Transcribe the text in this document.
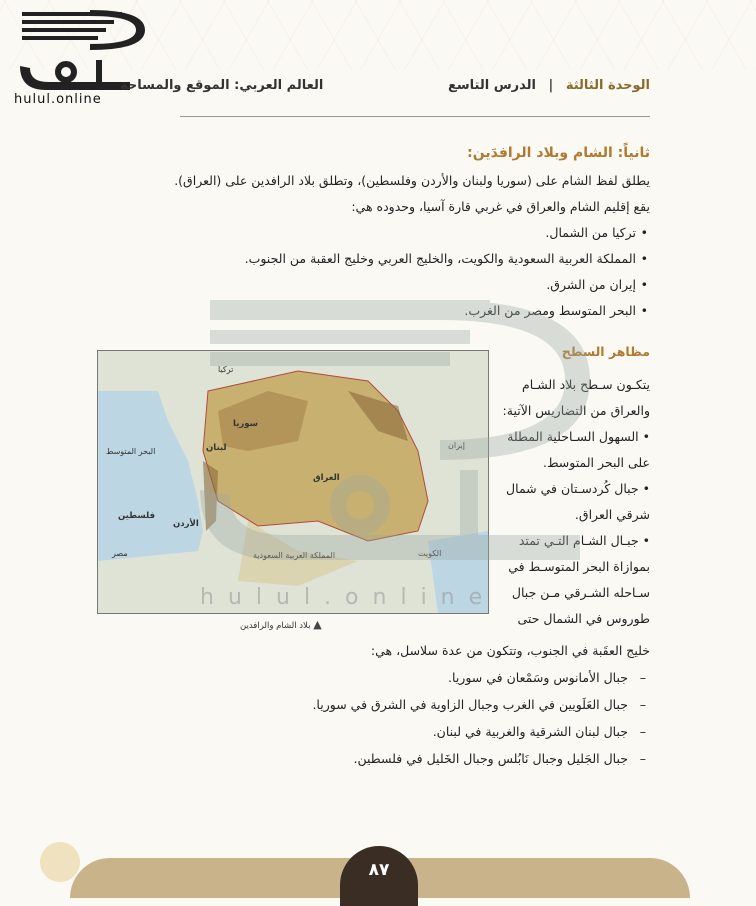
hulul.online
الوحدة الثالثة | الدرس التاسع
العالم العربي: الموقع والمساحة
ثانياً: الشام وبلاد الرافدَين:

يطلق لفظ الشام على (سوريا ولبنان والأردن وفلسطين)، وتطلق بلاد الرافدين على (العراق).

يقع إقليم الشام والعراق في غربي قارة آسيا، وحدوده هي:

• تركيا من الشمال.
• المملكة العربية السعودية والكويت، والخليج العربي وخليج العقبة من الجنوب.
• إيران من الشرق.
• البحر المتوسط ومصر من الغرب.
مظاهر السطح
تركيا
سوريا
لبنان
البحر المتوسط
فلسطين
الأردن
مصر
العراق
إيران
المملكة العربية السعودية	الكويت

يتكـون سـطح بلاد الشـام

والعراق من التضاريس الآتية:

• السهول السـاحلية المطلة

على البحر المتوسط.

• جبال كُردسـتان في شمال

شرقي العراق.

• جبـال الشـام التـي تمتد

بموازاة البحر المتوسـط في

سـاحله الشـرقي مـن جبال

طوروس في الشمال حتى

▲ بلاد الشام والرافدين

خليج العقَبة في الجنوب، وتتكون من عدة سلاسل، هي:

– جبال الأمانوس وسَمْعان في سوريا.
– جبال العَلَويين في الغرب وجبال الزاوية في الشرق في سوريا.
– جبال لبنان الشرقية والغربية في لبنان.
– جبال الجَليل وجبال نَابُلس وجبال الخَليل في فلسطين.
hulul.online
٨٧
